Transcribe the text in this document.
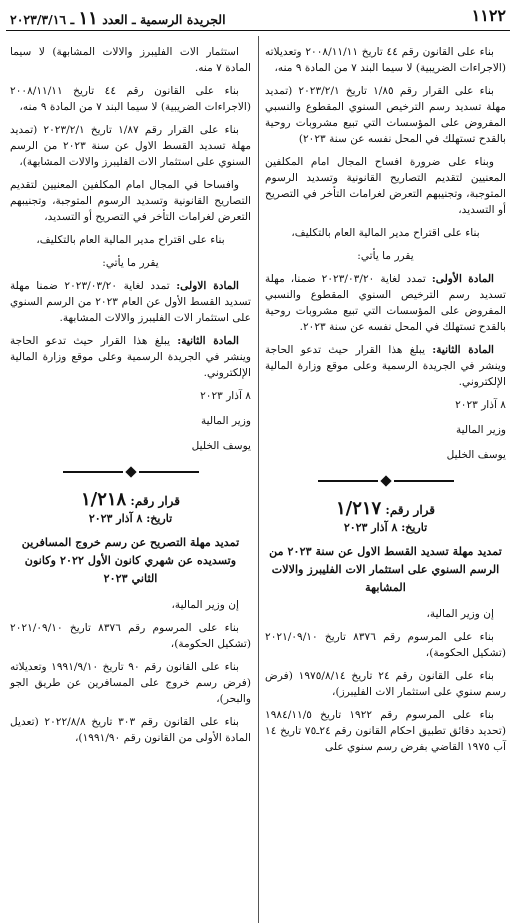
١١٢٢
الجريدة الرسمية ـ العدد ١١ ـ ٢٠٢٣/٣/١٦

بناء على القانون رقم ٤٤ تاريخ ٢٠٠٨/١١/١١ وتعديلاته (الاجراءات الضريبية) لا سيما البند ٧ من المادة ٩ منه،

بناء على القرار رقم ١/٨٥ تاريخ ٢٠٢٣/٢/١ (تمديد مهلة تسديد رسم الترخيص السنوي المقطوع والنسبي المفروض على المؤسسات التي تبيع مشروبات روحية بالقدح تستهلك في المحل نفسه عن سنة ٢٠٢٣)

وبناء على ضرورة افساح المجال امام المكلفين المعنيين لتقديم التصاريح القانونية وتسديد الرسوم المتوجبة، وتجنيبهم التعرض لغرامات التأخر في التصريح أو التسديد،

بناء على اقتراح مدير المالية العام بالتكليف،

يقرر ما يأتي:

المادة الأولى: تمدد لغاية ٢٠٢٣/٠٣/٢٠ ضمنا، مهلة تسديد رسم الترخيص السنوي المقطوع والنسبي المفروض على المؤسسات التي تبيع مشروبات روحية بالقدح تستهلك في المحل نفسه عن سنة ٢٠٢٣.

المادة الثانية: يبلغ هذا القرار حيث تدعو الحاجة وينشر في الجريدة الرسمية وعلى موقع وزارة المالية الإلكتروني.

٨ آذار ٢٠٢٣

وزير المالية

يوسف الخليل

قرار رقم: ١/٢١٧
تاريخ: ٨ آذار ٢٠٢٣
تمديد مهلة تسديد القسط الاول عن سنة ٢٠٢٣ من الرسم السنوي على استثمار الات الفليبرز والالات المشابهة

إن وزير المالية،

بناء على المرسوم رقم ٨٣٧٦ تاريخ ٢٠٢١/٠٩/١٠ (تشكيل الحكومة)،

بناء على القانون رقم ٢٤ تاريخ ١٩٧٥/٨/١٤ (فرض رسم سنوي على استثمار الات الفليبرز)،

بناء على المرسوم رقم ١٩٢٢ تاريخ ١٩٨٤/١١/٥ (تحديد دقائق تطبيق احكام القانون رقم ٢٤ـ٧٥ تاريخ ١٤ آب ١٩٧٥ القاضي بفرض رسم سنوي على

استثمار الات الفليبرز والالات المشابهة) لا سيما المادة ٧ منه.

بناء على القانون رقم ٤٤ تاريخ ٢٠٠٨/١١/١١ (الاجراءات الضريبية) لا سيما البند ٧ من المادة ٩ منه،

بناء على القرار رقم ١/٨٧ تاريخ ٢٠٢٣/٢/١ (تمديد مهلة تسديد القسط الاول عن سنة ٢٠٢٣ من الرسم السنوي على استثمار الات الفليبرز والالات المشابهة)،

وافساحا في المجال امام المكلفين المعنيين لتقديم التصاريح القانونية وتسديد الرسوم المتوجبة، وتجنيبهم التعرض لغرامات التأخر في التصريح أو التسديد،

بناء على اقتراح مدير المالية العام بالتكليف،

يقرر ما يأتي:

المادة الاولى: تمدد لغاية ٢٠٢٣/٠٣/٢٠ ضمنا مهلة تسديد القسط الأول عن العام ٢٠٢٣ من الرسم السنوي على استثمار الات الفليبرز والالات المشابهة.

المادة الثانية: يبلغ هذا القرار حيث تدعو الحاجة وينشر في الجريدة الرسمية وعلى موقع وزارة المالية الإلكتروني.

٨ آذار ٢٠٢٣

وزير المالية

يوسف الخليل

قرار رقم: ١/٢١٨
تاريخ: ٨ آذار ٢٠٢٣
تمديد مهلة التصريح عن رسم خروج المسافرين وتسديده عن شهري كانون الأول ٢٠٢٢ وكانون الثاني ٢٠٢٣

إن وزير المالية،

بناء على المرسوم رقم ٨٣٧٦ تاريخ ٢٠٢١/٠٩/١٠ (تشكيل الحكومة)،

بناء على القانون رقم ٩٠ تاريخ ١٩٩١/٩/١٠ وتعديلاته (فرض رسم خروج على المسافرين عن طريق الجو والبحر)،

بناء على القانون رقم ٣٠٣ تاريخ ٢٠٢٢/٨/٨ (تعديل المادة الأولى من القانون رقم ١٩٩١/٩٠)،
